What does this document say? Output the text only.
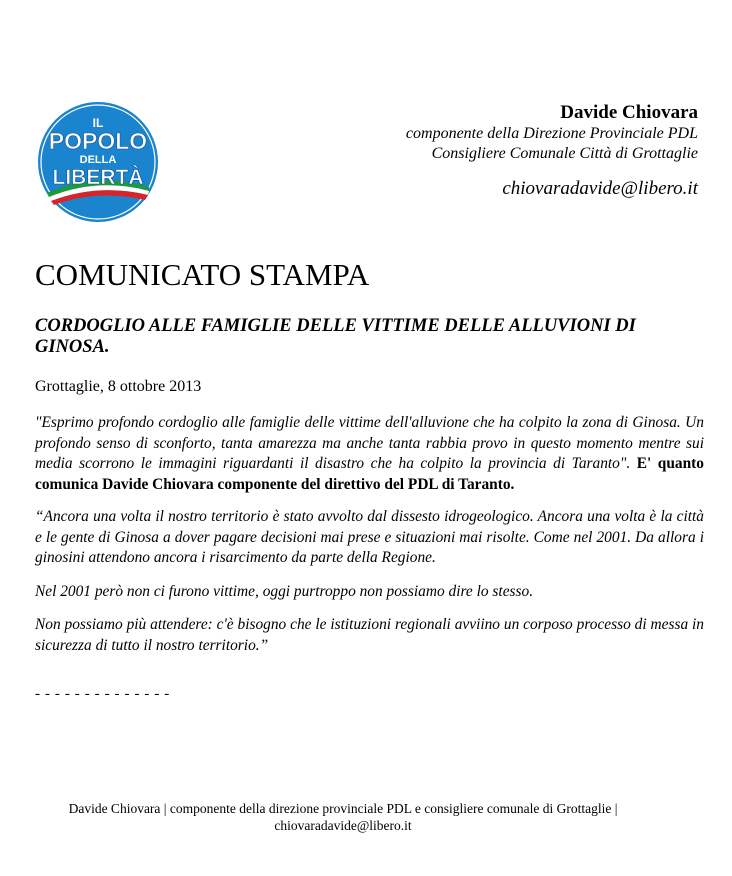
IL
POPOLO
DELLA
LIBERTÀ
Davide Chiovara
componente della Direzione Provinciale PDL
Consigliere Comunale Città di Grottaglie
chiovaradavide@libero.it
COMUNICATO STAMPA
CORDOGLIO ALLE FAMIGLIE DELLE VITTIME DELLE ALLUVIONI DI GINOSA.
Grottaglie, 8 ottobre 2013

"Esprimo profondo cordoglio alle famiglie delle vittime dell'alluvione che ha colpito la zona di Ginosa. Un profondo senso di sconforto, tanta amarezza ma anche tanta rabbia provo in questo momento mentre sui media scorrono le immagini riguardanti il disastro che ha colpito la provincia di Taranto". E' quanto comunica Davide Chiovara componente del direttivo del PDL di Taranto.

“Ancora una volta il nostro territorio è stato avvolto dal dissesto idrogeologico. Ancora una volta è la città e le gente di Ginosa a dover pagare decisioni mai prese e situazioni mai risolte. Come nel 2001. Da allora i ginosini attendono ancora i risarcimento da parte della Regione.

Nel 2001 però non ci furono vittime, oggi purtroppo non possiamo dire lo stesso.

Non possiamo più attendere: c'è bisogno che le istituzioni regionali avviino un corposo processo di messa in sicurezza di tutto il nostro territorio.”

- - - - - - - - - - - - - -
Davide Chiovara | componente della direzione provinciale PDL e consigliere comunale di Grottaglie |
chiovaradavide@libero.it
